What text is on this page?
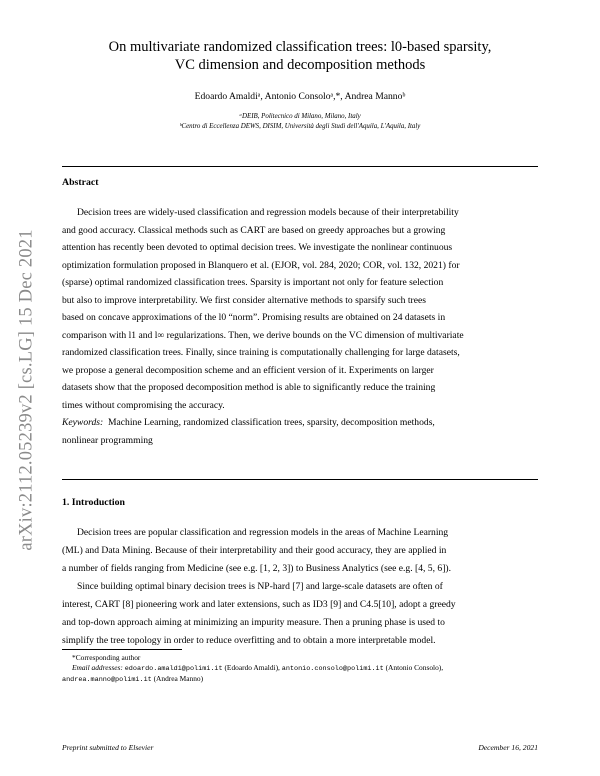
arXiv:2112.05239v2 [cs.LG] 15 Dec 2021
On multivariate randomized classification trees: l0-based sparsity,
VC dimension and decomposition methods
Edoardo Amaldiᵃ, Antonio Consoloᵃ,*, Andrea Mannoᵇ
ᵃDEIB, Politecnico di Milano, Milano, Italy
ᵇCentro di Eccellenza DEWS, DISIM, Università degli Studi dell'Aquila, L'Aquila, Italy
Abstract
Decision trees are widely-used classification and regression models because of their interpretability
and good accuracy. Classical methods such as CART are based on greedy approaches but a growing
attention has recently been devoted to optimal decision trees. We investigate the nonlinear continuous
optimization formulation proposed in Blanquero et al. (EJOR, vol. 284, 2020; COR, vol. 132, 2021) for
(sparse) optimal randomized classification trees. Sparsity is important not only for feature selection
but also to improve interpretability. We first consider alternative methods to sparsify such trees
based on concave approximations of the l0 “norm”. Promising results are obtained on 24 datasets in
comparison with l1 and l∞ regularizations. Then, we derive bounds on the VC dimension of multivariate
randomized classification trees. Finally, since training is computationally challenging for large datasets,
we propose a general decomposition scheme and an efficient version of it. Experiments on larger
datasets show that the proposed decomposition method is able to significantly reduce the training
times without compromising the accuracy.
Keywords: Machine Learning, randomized classification trees, sparsity, decomposition methods,
nonlinear programming
1. Introduction
Decision trees are popular classification and regression models in the areas of Machine Learning
(ML) and Data Mining. Because of their interpretability and their good accuracy, they are applied in
a number of fields ranging from Medicine (see e.g. [1, 2, 3]) to Business Analytics (see e.g. [4, 5, 6]).
Since building optimal binary decision trees is NP-hard [7] and large-scale datasets are often of
interest, CART [8] pioneering work and later extensions, such as ID3 [9] and C4.5[10], adopt a greedy
and top-down approach aiming at minimizing an impurity measure. Then a pruning phase is used to
simplify the tree topology in order to reduce overfitting and to obtain a more interpretable model.
*Corresponding author
Email addresses: edoardo.amaldi@polimi.it (Edoardo Amaldi), antonio.consolo@polimi.it (Antonio Consolo),
andrea.manno@polimi.it (Andrea Manno)
Preprint submitted to Elsevier	December 16, 2021
